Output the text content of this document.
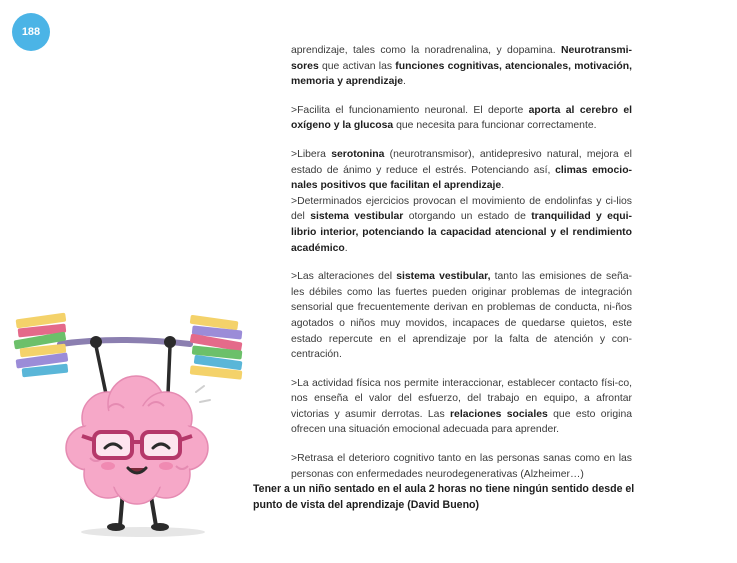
188

aprendizaje, tales como la noradrenalina, y dopamina. Neurotransmi-sores que activan las funciones cognitivas, atencionales, motivación, memoria y aprendizaje.

>Facilita el funcionamiento neuronal. El deporte aporta al cerebro el oxígeno y la glucosa que necesita para funcionar correctamente.

>Libera serotonina (neurotransmisor), antidepresivo natural, mejora el estado de ánimo y reduce el estrés. Potenciando así, climas emocio-nales positivos que facilitan el aprendizaje.

>Determinados ejercicios provocan el movimiento de endolinfas y ci-lios del sistema vestibular otorgando un estado de tranquilidad y equi-librio interior, potenciando la capacidad atencional y el rendimiento académico.

>Las alteraciones del sistema vestibular, tanto las emisiones de seña-les débiles como las fuertes pueden originar problemas de integración sensorial que frecuentemente derivan en problemas de conducta, ni-ños agotados o niños muy movidos, incapaces de quedarse quietos, este estado repercute en el aprendizaje por la falta de atención y con-centración.

>La actividad física nos permite interaccionar, establecer contacto físi-co, nos enseña el valor del esfuerzo, del trabajo en equipo, a afrontar victorias y asumir derrotas. Las relaciones sociales que esto origina ofrecen una situación emocional adecuada para aprender.

>Retrasa el deterioro cognitivo tanto en las personas sanas como en las personas con enfermedades neurodegenerativas (Alzheimer…)

Tener a un niño sentado en el aula 2 horas no tiene ningún sentido desde el punto de vista del aprendizaje (David Bueno)
